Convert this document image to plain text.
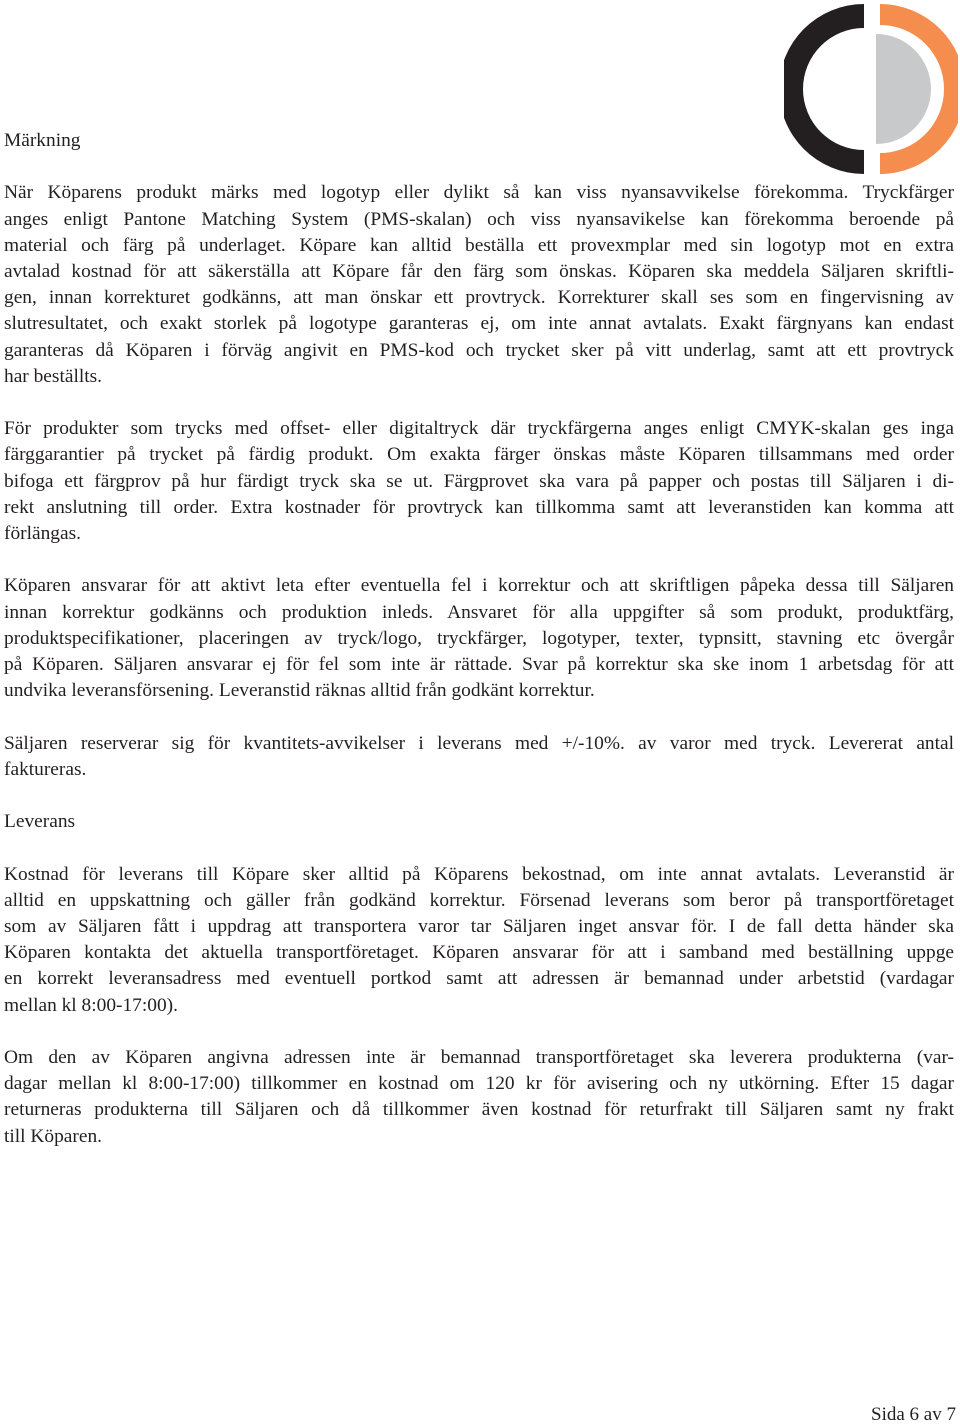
Märkning

När Köparens produkt märks med logotyp eller dylikt så kan viss nyansavvikelse förekomma. Tryckfärger
anges enligt Pantone Matching System (PMS-skalan) och viss nyansavikelse kan förekomma beroende på
material och färg på underlaget. Köpare kan alltid beställa ett provexmplar med sin logotyp mot en extra
avtalad kostnad för att säkerställa att Köpare får den färg som önskas. Köparen ska meddela Säljaren skriftli-
gen, innan korrekturet godkänns, att man önskar ett provtryck. Korrekturer skall ses som en fingervisning av
slutresultatet, och exakt storlek på logotype garanteras ej, om inte annat avtalats. Exakt färgnyans kan endast
garanteras då Köparen i förväg angivit en PMS-kod och trycket sker på vitt underlag, samt att ett provtryck
har beställts.

För produkter som trycks med offset- eller digitaltryck där tryckfärgerna anges enligt CMYK-skalan ges inga
färggarantier på trycket på färdig produkt. Om exakta färger önskas måste Köparen tillsammans med order
bifoga ett färgprov på hur färdigt tryck ska se ut. Färgprovet ska vara på papper och postas till Säljaren i di-
rekt anslutning till order. Extra kostnader för provtryck kan tillkomma samt att leveranstiden kan komma att
förlängas.

Köparen ansvarar för att aktivt leta efter eventuella fel i korrektur och att skriftligen påpeka dessa till Säljaren
innan korrektur godkänns och produktion inleds. Ansvaret för alla uppgifter så som produkt, produktfärg,
produktspecifikationer, placeringen av tryck/logo, tryckfärger, logotyper, texter, typnsitt, stavning etc övergår
på Köparen. Säljaren ansvarar ej för fel som inte är rättade. Svar på korrektur ska ske inom 1 arbetsdag för att
undvika leveransförsening. Leveranstid räknas alltid från godkänt korrektur.

Säljaren reserverar sig för kvantitets-avvikelser i leverans med +/-10%. av varor med tryck. Levererat antal
faktureras.

Leverans

Kostnad för leverans till Köpare sker alltid på Köparens bekostnad, om inte annat avtalats. Leveranstid är
alltid en uppskattning och gäller från godkänd korrektur. Försenad leverans som beror på transportföretaget
som av Säljaren fått i uppdrag att transportera varor tar Säljaren inget ansvar för. I de fall detta händer ska
Köparen kontakta det aktuella transportföretaget. Köparen ansvarar för att i samband med beställning uppge
en korrekt leveransadress med eventuell portkod samt att adressen är bemannad under arbetstid (vardagar
mellan kl 8:00-17:00).

Om den av Köparen angivna adressen inte är bemannad transportföretaget ska leverera produkterna (var-
dagar mellan kl 8:00-17:00) tillkommer en kostnad om 120 kr för avisering och ny utkörning. Efter 15 dagar
returneras produkterna till Säljaren och då tillkommer även kostnad för returfrakt till Säljaren samt ny frakt
till Köparen.

Sida 6 av 7
